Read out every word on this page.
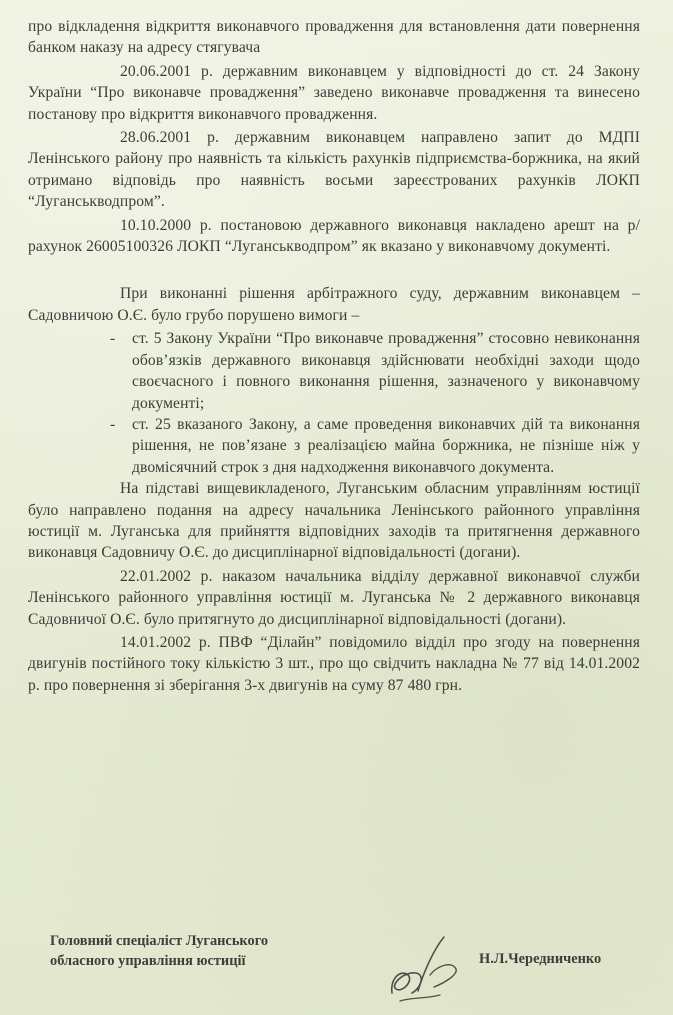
про відкладення відкриття виконавчого провадження для встановлення дати повернення банком наказу на адресу стягувача

20.06.2001 р. державним виконавцем у відповідності до ст. 24 Закону України “Про виконавче провадження” заведено виконавче провадження та винесено постанову про відкриття виконавчого провадження.

28.06.2001 р. державним виконавцем направлено запит до МДПІ Ленінського району про наявність та кількість рахунків підприємства-боржника, на який отримано відповідь про наявність восьми зареєстрованих рахунків ЛОКП “Луганськводпром”.

10.10.2000 р. постановою державного виконавця накладено арешт на р/ рахунок 26005100326 ЛОКП “Луганськводпром” як вказано у виконавчому документі.

При виконанні рішення арбітражного суду, державним виконавцем – Садовничою О.Є. було грубо порушено вимоги –

- ст. 5 Закону України “Про виконавче провадження” стосовно невиконання обов’язків державного виконавця здійснювати необхідні заходи щодо своєчасного і повного виконання рішення, зазначеного у виконавчому документі;
- ст. 25 вказаного Закону, а саме проведення виконавчих дій та виконання рішення, не пов’язане з реалізацією майна боржника, не пізніше ніж у двомісячний строк з дня надходження виконавчого документа.

На підставі вищевикладеного, Луганським обласним управлінням юстиції було направлено подання на адресу начальника Ленінського районного управління юстиції м. Луганська для прийняття відповідних заходів та притягнення державного виконавця Садовничу О.Є. до дисциплінарної відповідальності (догани).

22.01.2002 р. наказом начальника відділу державної виконавчої служби Ленінського районного управління юстиції м. Луганська № 2 державного виконавця Садовничої О.Є. було притягнуто до дисциплінарної відповідальності (догани).

14.01.2002 р. ПВФ “Ділайн” повідомило відділ про згоду на повернення двигунів постійного току кількістю 3 шт., про що свідчить накладна № 77 від 14.01.2002 р. про повернення зі зберігання 3-х двигунів на суму 87 480 грн.

Головний спеціаліст Луганського
обласного управління юстиції	Н.Л.Чередниченко
